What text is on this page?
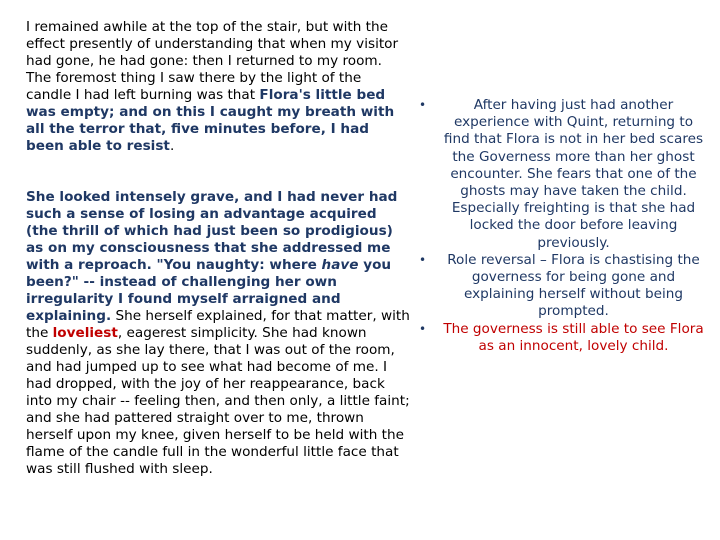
I remained awhile at the top of the stair, but with the effect presently of understanding that when my visitor had gone, he had gone: then I returned to my room. The foremost thing I saw there by the light of the candle I had left burning was that Flora's little bed was empty; and on this I caught my breath with all the terror that, five minutes before, I had been able to resist.

She looked intensely grave, and I had never had such a sense of losing an advantage acquired (the thrill of which had just been so prodigious) as on my consciousness that she addressed me with a reproach. "You naughty: where have you been?" -- instead of challenging her own irregularity I found myself arraigned and explaining. She herself explained, for that matter, with the loveliest, eagerest simplicity. She had known suddenly, as she lay there, that I was out of the room, and had jumped up to see what had become of me. I had dropped, with the joy of her reappearance, back into my chair -- feeling then, and then only, a little faint; and she had pattered straight over to me, thrown herself upon my knee, given herself to be held with the flame of the candle full in the wonderful little face that was still flushed with sleep.

•	After having just had another experience with Quint, returning to find that Flora is not in her bed scares the Governess more than her ghost encounter. She fears that one of the ghosts may have taken the child. Especially freighting is that she had locked the door before leaving previously.
•	Role reversal – Flora is chastising the governess for being gone and explaining herself without being prompted.
• The governess is still able to see Flora as an innocent, lovely child.
